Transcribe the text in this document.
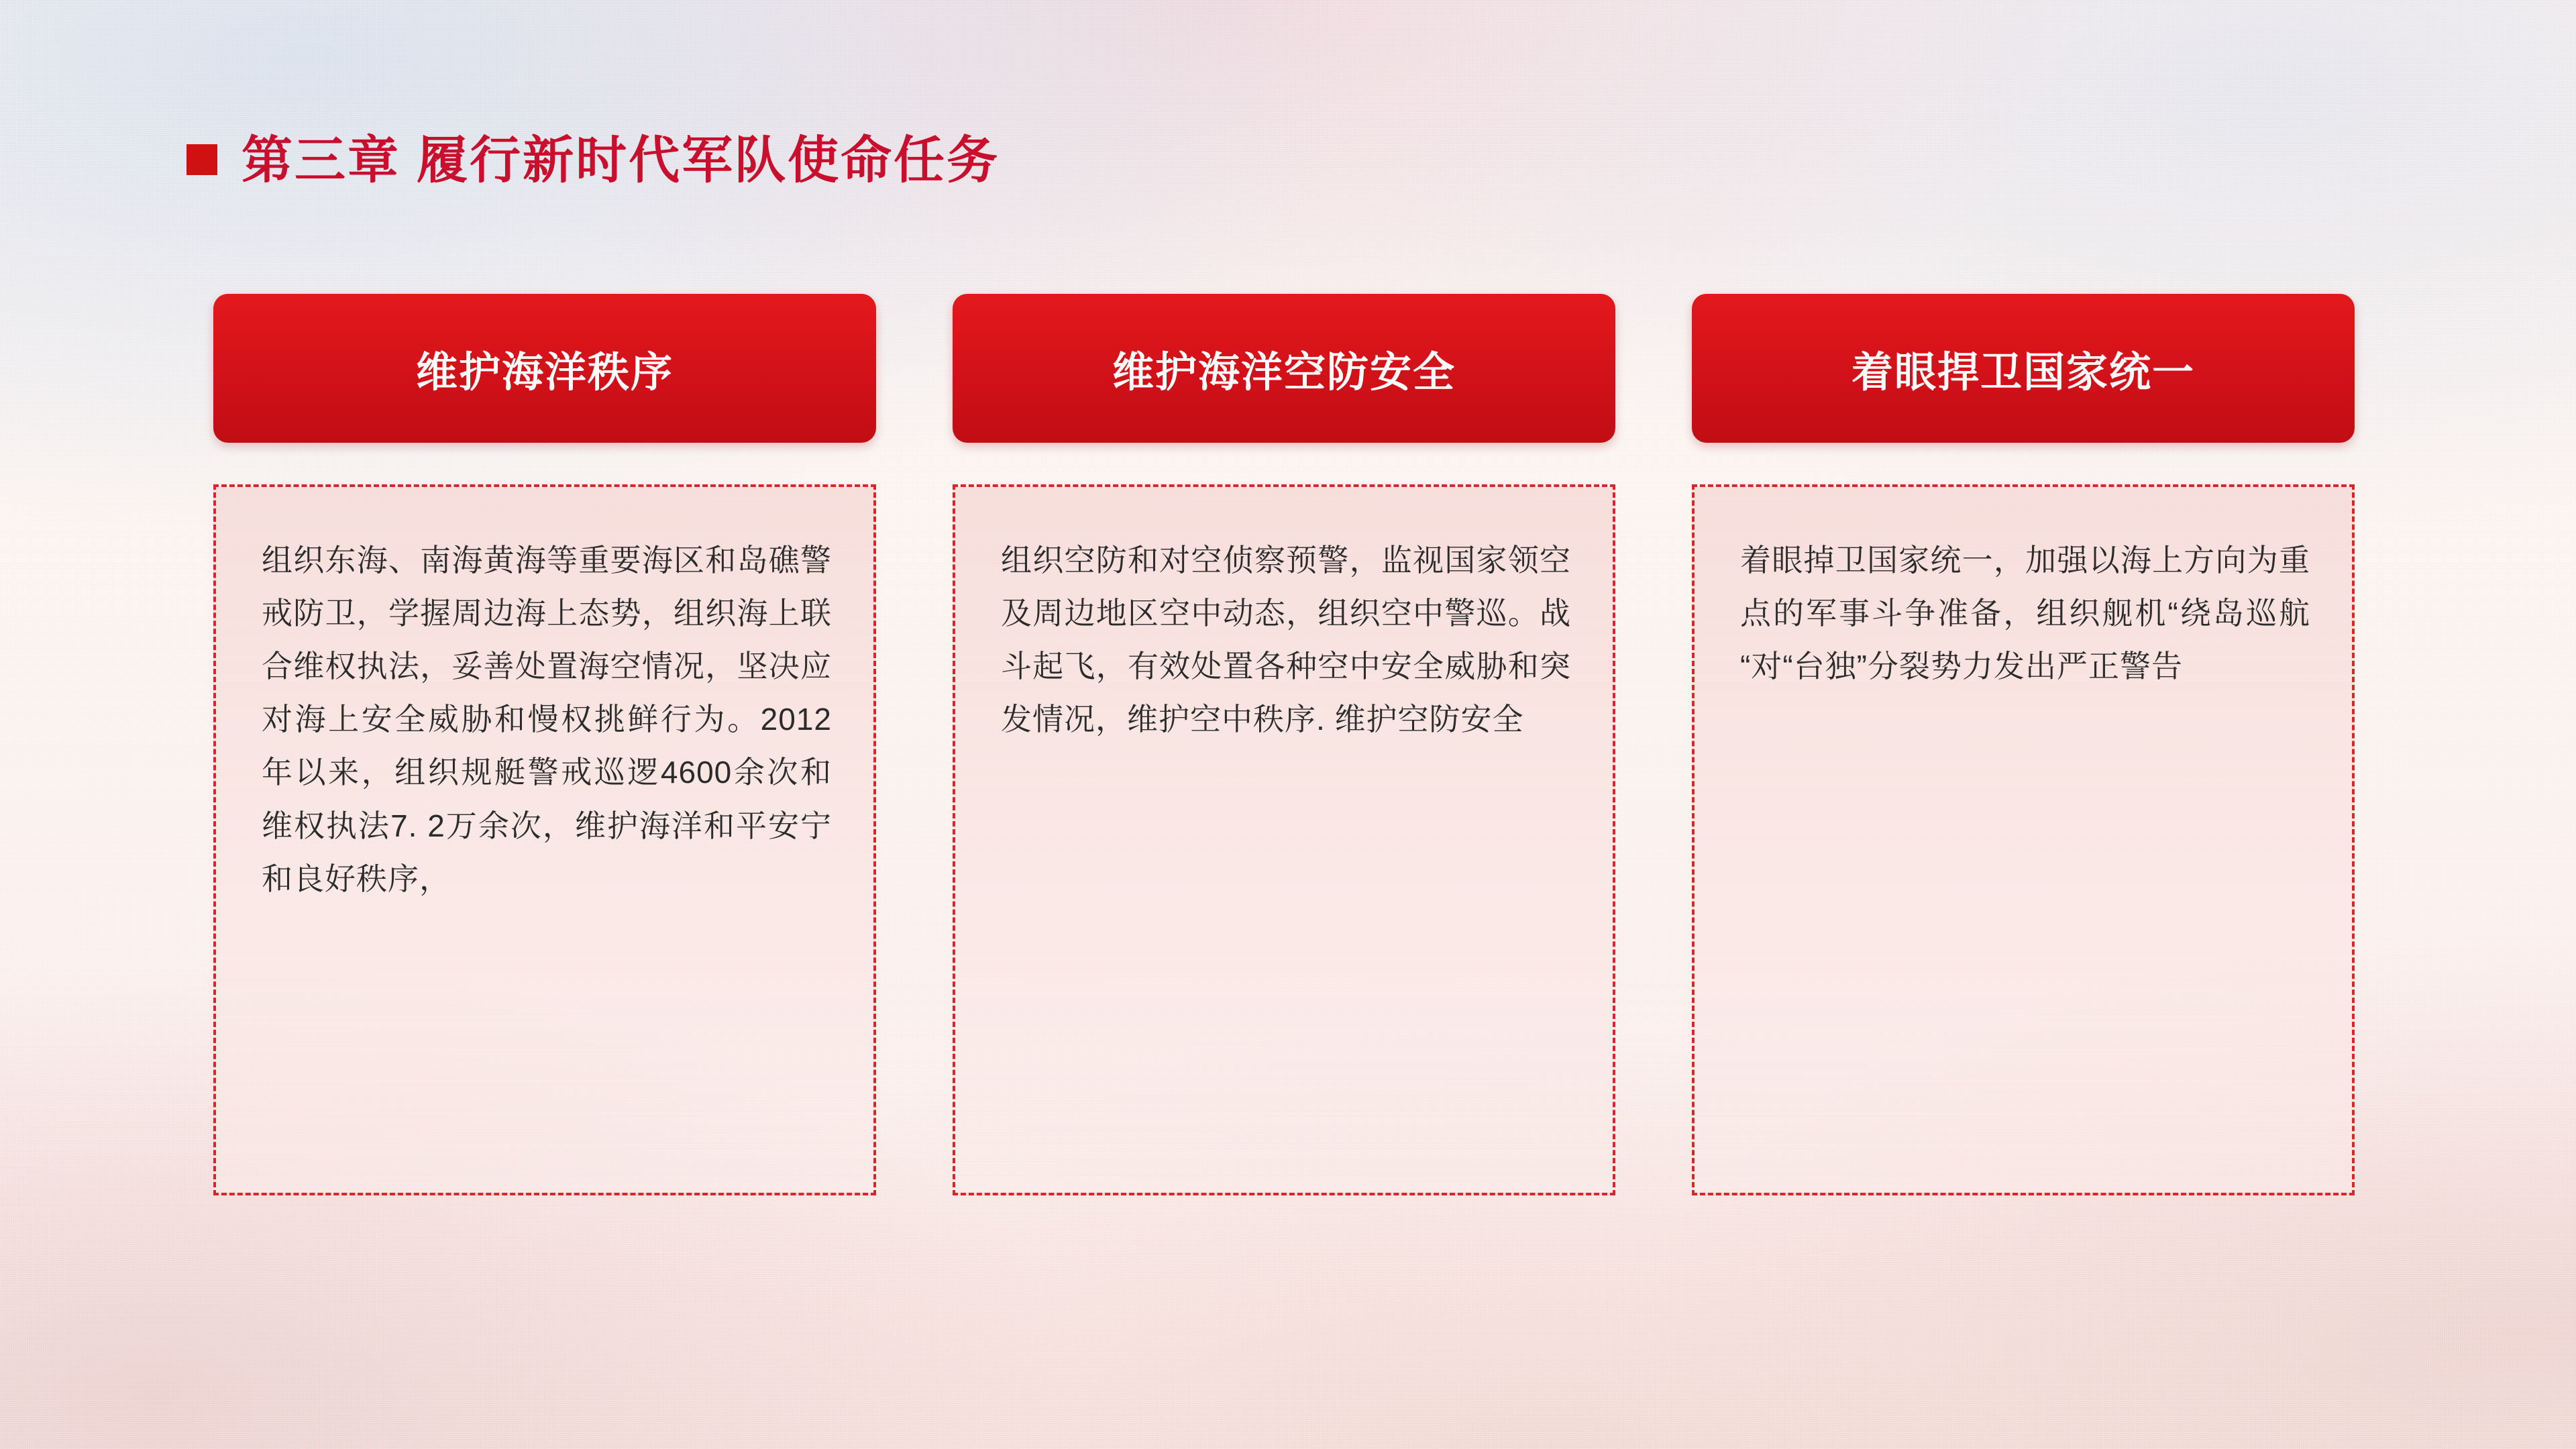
第三章 履行新时代军队使命任务
维护海洋秩序
组织东海、南海黄海等重要海区和岛礁警戒防卫，学握周边海上态势，组织海上联合维权执法，妥善处置海空情况，坚决应对海上安全威胁和慢权挑鲜行为。2012年以来，组织规艇警戒巡逻4600余次和维权执法7. 2万余次，维护海洋和平安宁和良好秩序，
维护海洋空防安全
组织空防和对空侦察预警，监视国家领空及周边地区空中动态，组织空中警巡。战斗起飞，有效处置各种空中安全威胁和突发情况，维护空中秩序. 维护空防安全
着眼捍卫国家统一
着眼掉卫国家统一，加强以海上方向为重点的军事斗争准备，组织舰机“绕岛巡航“对“台独”分裂势力发出严正警告
